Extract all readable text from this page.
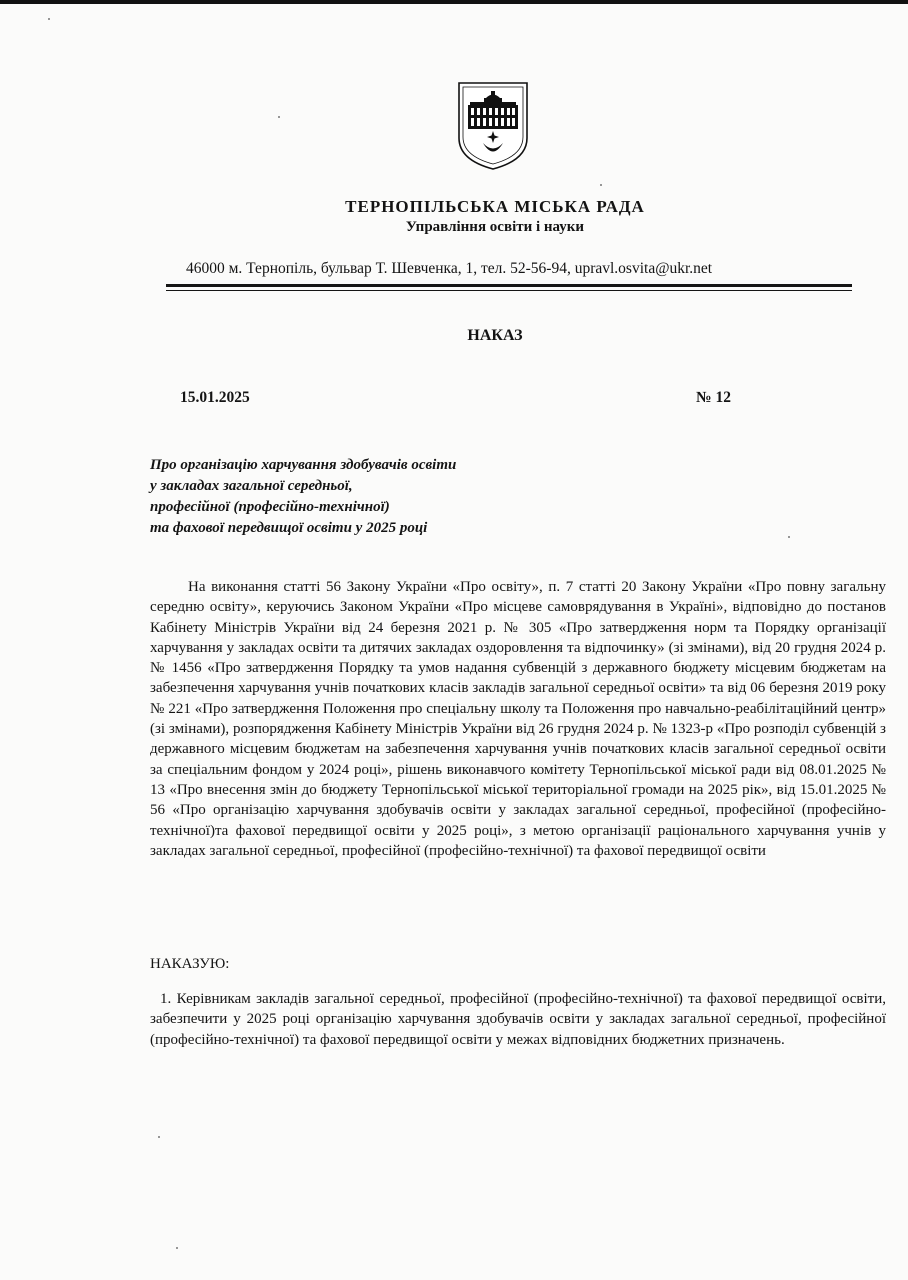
ТЕРНОПІЛЬСЬКА МІСЬКА РАДА
Управління освіти і науки
46000 м. Тернопіль, бульвар Т. Шевченка, 1, тел. 52-56-94, upravl.osvita@ukr.net
НАКАЗ
15.01.2025	№ 12
Про організацію харчування здобувачів освіти
у закладах загальної середньої,
професійної (професійно-технічної)
та фахової передвищої освіти у 2025 році
На виконання статті 56 Закону України «Про освіту», п. 7 статті 20 Закону України «Про повну загальну середню освіту», керуючись Законом України «Про місцеве самоврядування в Україні», відповідно до постанов Кабінету Міністрів України від 24 березня 2021 р. № 305 «Про затвердження норм та Порядку організації харчування у закладах освіти та дитячих закладах оздоровлення та відпочинку» (зі змінами), від 20 грудня 2024 р. № 1456 «Про затвердження Порядку та умов надання субвенцій з державного бюджету місцевим бюджетам на забезпечення харчування учнів початкових класів закладів загальної середньої освіти» та від 06 березня 2019 року № 221 «Про затвердження Положення про спеціальну школу та Положення про навчально-реабілітаційний центр» (зі змінами), розпорядження Кабінету Міністрів України від 26 грудня 2024 р. № 1323-р «Про розподіл субвенцій з державного місцевим бюджетам на забезпечення харчування учнів початкових класів загальної середньої освіти за спеціальним фондом у 2024 році», рішень виконавчого комітету Тернопільської міської ради від 08.01.2025 № 13 «Про внесення змін до бюджету Тернопільської міської територіальної громади на 2025 рік», від 15.01.2025 № 56 «Про організацію харчування здобувачів освіти у закладах загальної середньої, професійної (професійно-технічної)та фахової передвищої освіти у 2025 році», з метою організації раціонального харчування учнів у закладах загальної середньої, професійної (професійно-технічної) та фахової передвищої освіти
НАКАЗУЮ:
1. Керівникам закладів загальної середньої, професійної (професійно-технічної) та фахової передвищої освіти, забезпечити у 2025 році організацію харчування здобувачів освіти у закладах загальної середньої, професійної (професійно-технічної) та фахової передвищої освіти у межах відповідних бюджетних призначень.
